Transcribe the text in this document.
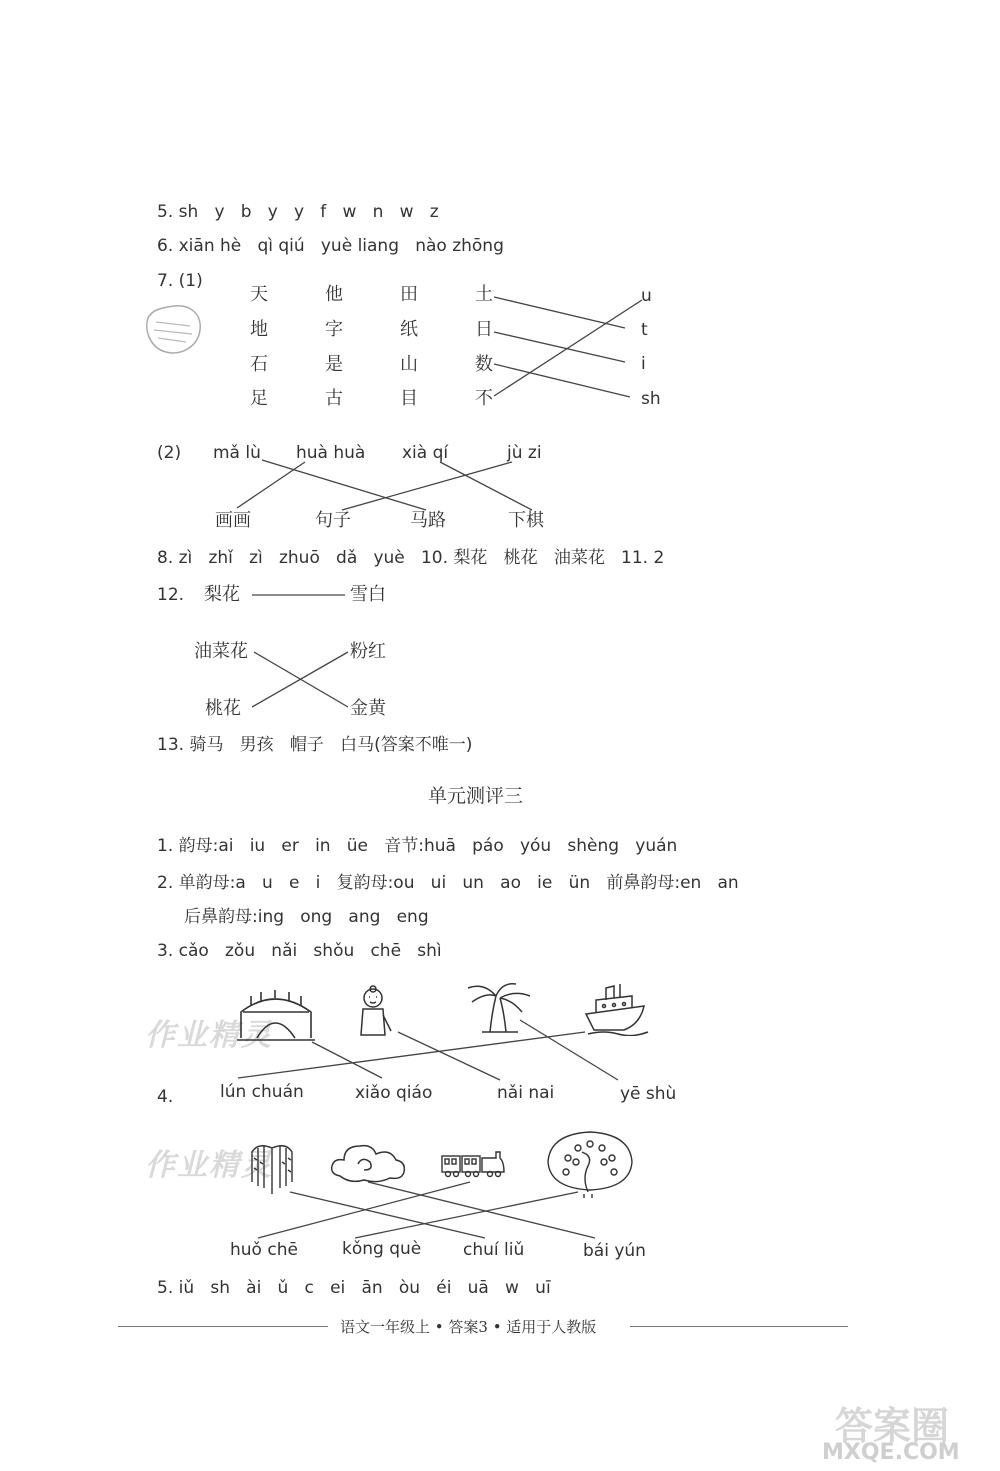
5. sh   y   b   y   y   f   w   n   w   z
6. xiān hè   qì qiú   yuè liang   nào zhōng
7. (1)
天	他	田	土
地	字	纸	日
石	是	山	数
足	古	目	不
u
t
i
sh
(2) mǎ lù huà huà xià qí	jù zi
画画	句子	马路	下棋
8. zì   zhǐ   zì   zhuō   dǎ   yuè   10. 梨花   桃花   油菜花   11. 2
12. 梨花	雪白
油菜花	粉红
桃花	金黄
13. 骑马   男孩   帽子   白马(答案不唯一)
单元测评三
1. 韵母:ai   iu   er   in   üe   音节:huā   páo   yóu   shèng   yuán
2. 单韵母:a   u   e   i   复韵母:ou   ui   un   ao   ie   ün   前鼻韵母:en   an
后鼻韵母:ing   ong   ang   eng
3. cǎo   zǒu   nǎi   shǒu   chē   shì
作业精灵
作业精灵
4.	lún chuán	xiǎo qiáo	nǎi nai	yē shù
huǒ chē	kǒng què chuí liǔ	bái yún
5. iǔ   sh   ài   ǔ   c   ei   ān   òu   éi   uā   w   uī
语文一年级上 • 答案3 • 适用于人教版
答案圈
MXQE.COM
